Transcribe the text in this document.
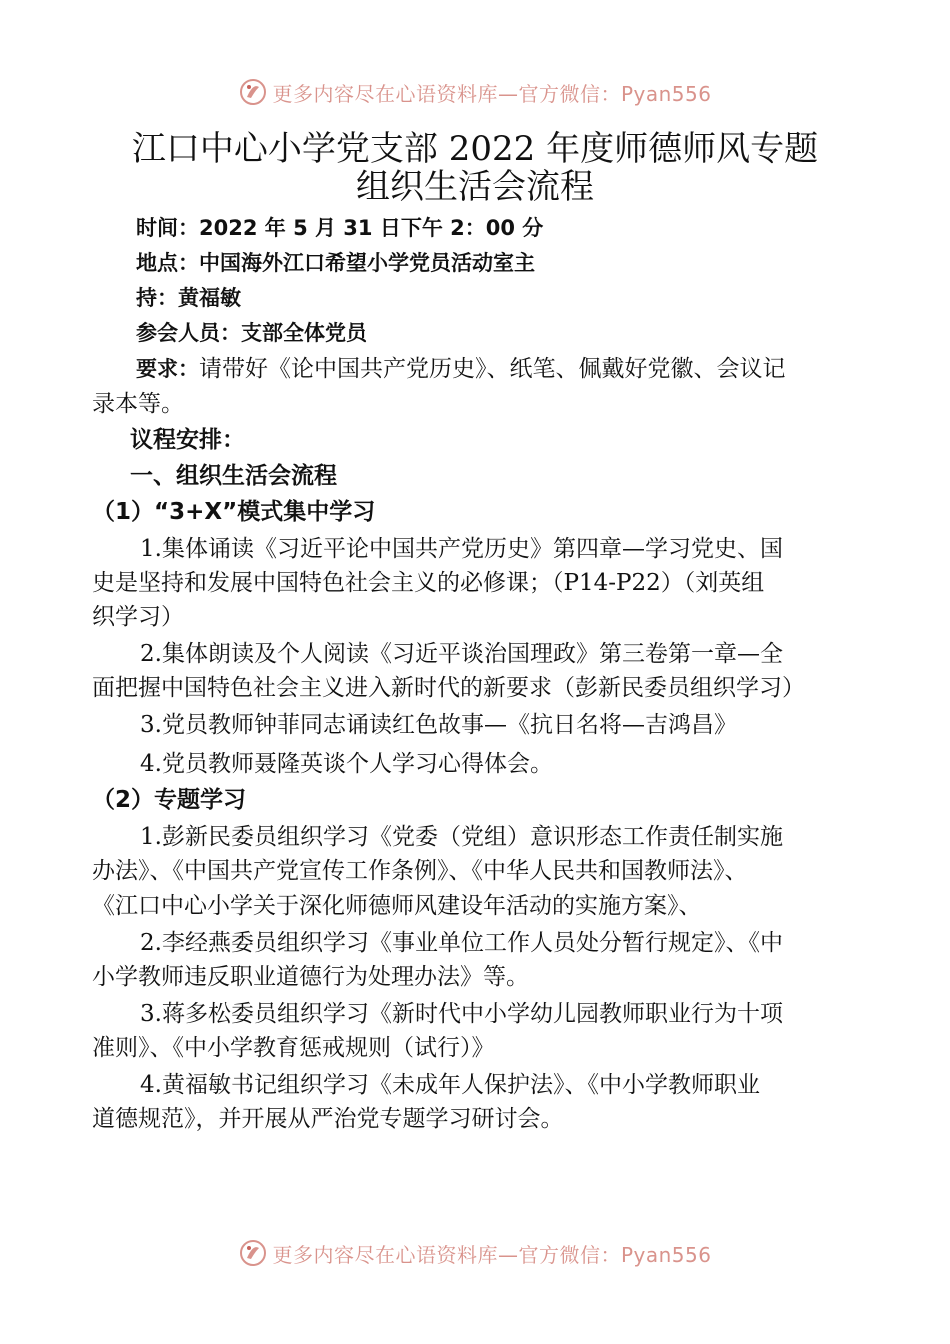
更多内容尽在心语资料库—官方微信：Pyan556
江口中心小学党支部 2022 年度师德师风专题
组织生活会流程
时间：2022 年 5 月 31 日下午 2：00 分
地点：中国海外江口希望小学党员活动室主
持：黄福敏
参会人员：支部全体党员
要求：请带好《论中国共产党历史》、纸笔、佩戴好党徽、会议记
录本等。
议程安排：
一、组织生活会流程
（1）“3+X”模式集中学习
1.集体诵读《习近平论中国共产党历史》第四章—学习党史、国
史是坚持和发展中国特色社会主义的必修课；（P14-P22）（刘英组
织学习）
2.集体朗读及个人阅读《习近平谈治国理政》第三卷第一章—全
面把握中国特色社会主义进入新时代的新要求（彭新民委员组织学习）
3.党员教师钟菲同志诵读红色故事—《抗日名将—吉鸿昌》
4.党员教师聂隆英谈个人学习心得体会。
（2）专题学习
1.彭新民委员组织学习《党委（党组）意识形态工作责任制实施
办法》、《中国共产党宣传工作条例》、《中华人民共和国教师法》、
《江口中心小学关于深化师德师风建设年活动的实施方案》、
2.李经燕委员组织学习《事业单位工作人员处分暂行规定》、《中
小学教师违反职业道德行为处理办法》等。
3.蒋多松委员组织学习《新时代中小学幼儿园教师职业行为十项
准则》、《中小学教育惩戒规则（试行）》
4.黄福敏书记组织学习《未成年人保护法》、《中小学教师职业
道德规范》，并开展从严治党专题学习研讨会。
更多内容尽在心语资料库—官方微信：Pyan556
